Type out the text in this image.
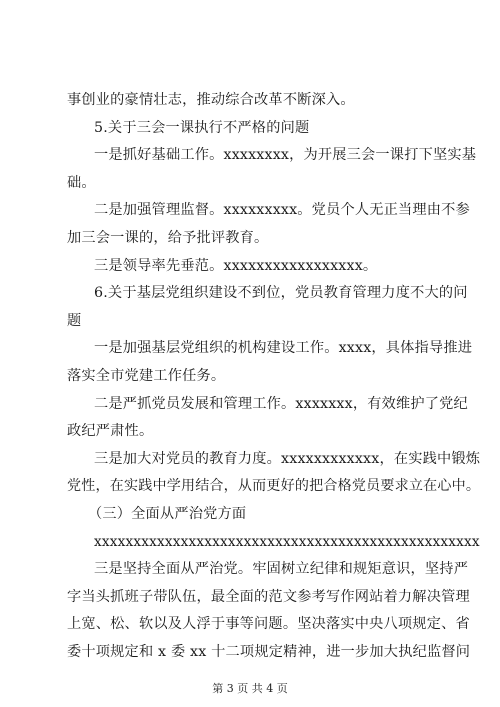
事创业的豪情壮志，推动综合改革不断深入。
5.关于三会一课执行不严格的问题
一是抓好基础工作。xxxxxxxx，为开展三会一课打下坚实基
础。
二是加强管理监督。xxxxxxxxx。党员个人无正当理由不参
加三会一课的，给予批评教育。
三是领导率先垂范。xxxxxxxxxxxxxxxxx。
6.关于基层党组织建设不到位，党员教育管理力度不大的问
题
一是加强基层党组织的机构建设工作。xxxx，具体指导推进
落实全市党建工作任务。
二是严抓党员发展和管理工作。xxxxxxx，有效维护了党纪
政纪严肃性。
三是加大对党员的教育力度。xxxxxxxxxxxx，在实践中锻炼
党性，在实践中学用结合，从而更好的把合格党员要求立在心中。
（三）全面从严治党方面
xxxxxxxxxxxxxxxxxxxxxxxxxxxxxxxxxxxxxxxxxxxxxxxxx
三是坚持全面从严治党。牢固树立纪律和规矩意识，坚持严
字当头抓班子带队伍，最全面的范文参考写作网站着力解决管理
上宽、松、软以及人浮于事等问题。坚决落实中央八项规定、省
委十项规定和 x 委 xx 十二项规定精神，进一步加大执纪监督问
第 3 页 共 4 页
